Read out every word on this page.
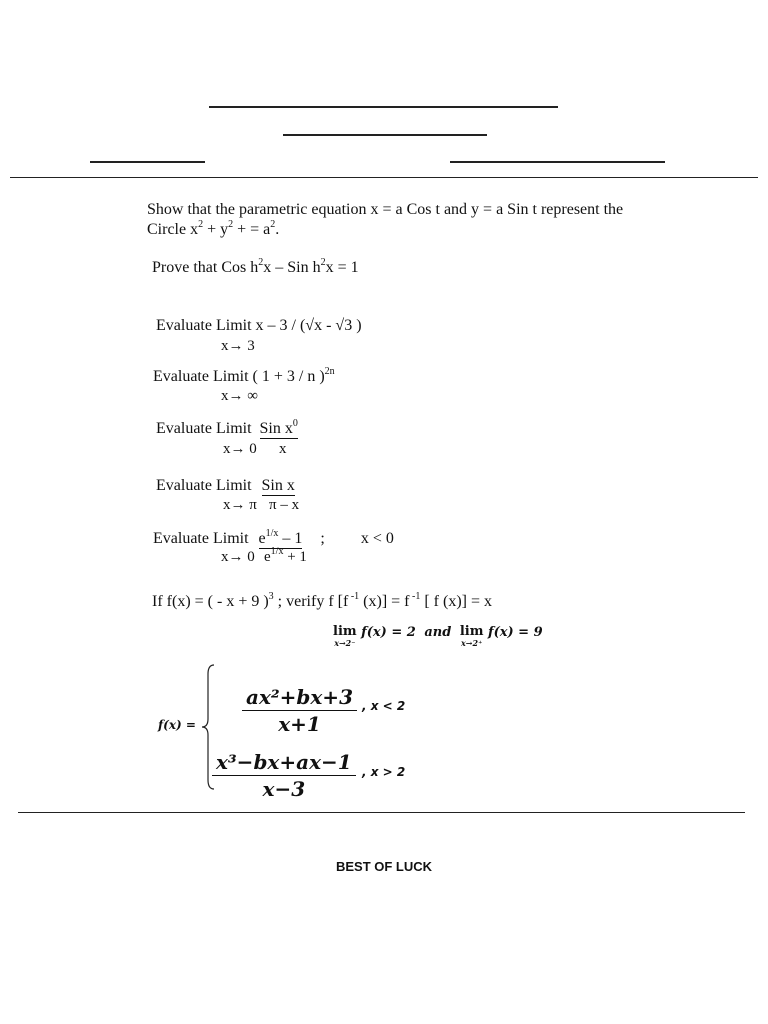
Show that the parametric equation x = a Cos t and y = a Sin t represent the
Circle $x^2 + y^2$ + = $a^2$.
Prove that Cos $h^2x$ – Sin $h^2x = 1$
Evaluate Limit x – 3 / (√x - √3 )
x→ 3
Evaluate Limit ( 1 + 3 / n )$^{2n}$
x→ ∞
Evaluate Limit Sin $x^0$
x→ 0 x
Evaluate Limit Sin x
x→ π π – x
Evaluate Limit $e^{1/x} - 1$ ; x < 0
x→ 0 $e^{1/x} + 1$
If f(x) = ( - x + 9 )$^3$ ; verify f [f $^{-1}$ (x)] = f $^{-1}$ [ f (x)] = x
lim
x→2⁻
f(x) = 2 and lim
x→2⁺
f(x) = 9
$f(x) = \frac{\text{ax²+bx+3}}{x+1}$ , x < 2
$\frac{\text{x³−bx+ax−1}}{x-3}$ , x > 2
BEST OF LUCK
